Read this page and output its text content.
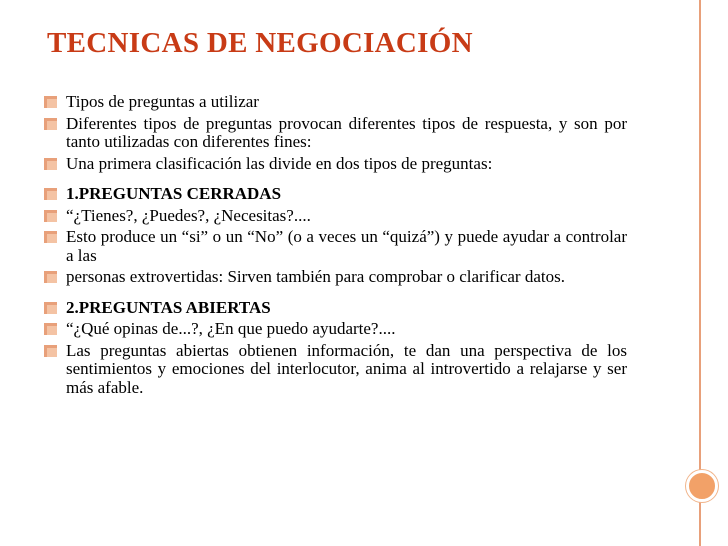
TECNICAS DE NEGOCIACIÓN
Tipos de preguntas a utilizar
Diferentes tipos de preguntas provocan diferentes tipos de respuesta, y son por tanto utilizadas con diferentes fines:
Una primera clasificación las divide en dos tipos de preguntas:
1.PREGUNTAS CERRADAS
“¿Tienes?, ¿Puedes?, ¿Necesitas?....
Esto produce un “si” o un “No” (o a veces un “quizá”) y puede ayudar a controlar a las
personas extrovertidas: Sirven también para comprobar o clarificar datos.
2.PREGUNTAS ABIERTAS
“¿Qué opinas de...?, ¿En que puedo ayudarte?....
Las preguntas abiertas obtienen información, te dan una perspectiva de los sentimientos y emociones del interlocutor, anima al introvertido a relajarse y ser más afable.
